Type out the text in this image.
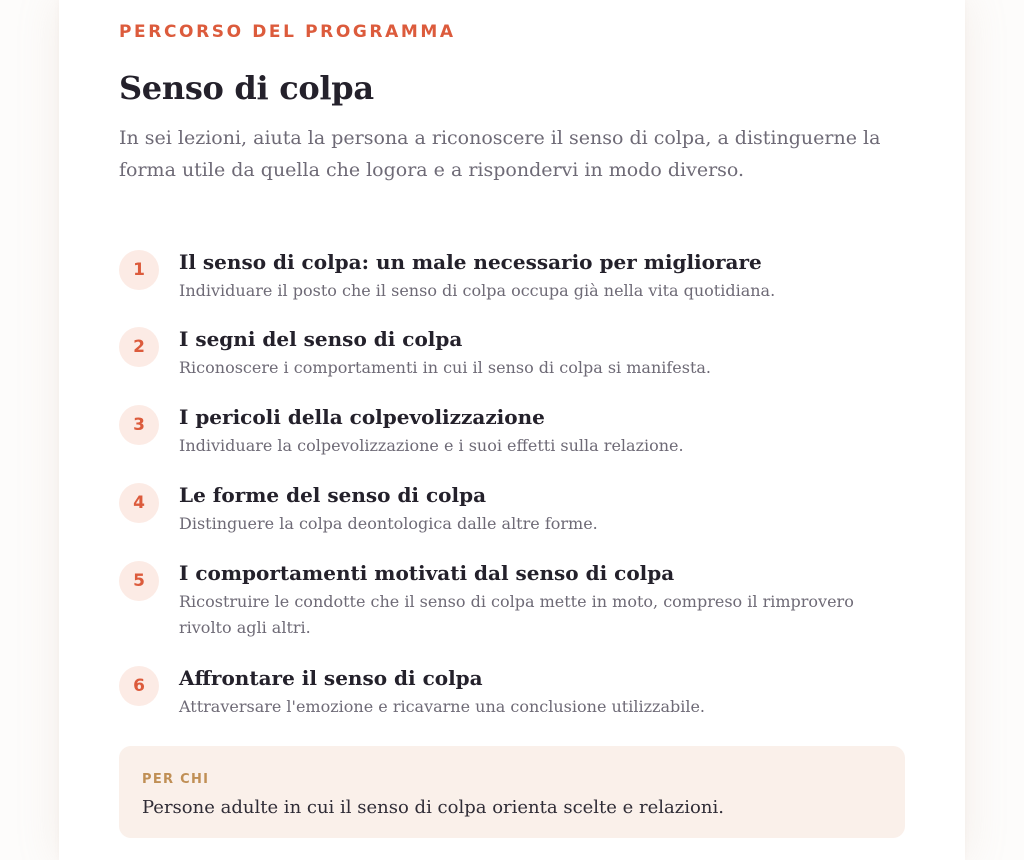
PERCORSO DEL PROGRAMMA
Senso di colpa

In sei lezioni, aiuta la persona a riconoscere il senso di colpa, a distinguerne la forma utile da quella che logora e a rispondervi in modo diverso.

1	Il senso di colpa: un male necessario per migliorare
Individuare il posto che il senso di colpa occupa già nella vita quotidiana.
2	I segni del senso di colpa
Riconoscere i comportamenti in cui il senso di colpa si manifesta.
3	I pericoli della colpevolizzazione
Individuare la colpevolizzazione e i suoi effetti sulla relazione.
4	Le forme del senso di colpa
Distinguere la colpa deontologica dalle altre forme.
5	I comportamenti motivati dal senso di colpa
Ricostruire le condotte che il senso di colpa mette in moto, compreso il rimprovero rivolto agli altri.
6	Affrontare il senso di colpa
Attraversare l'emozione e ricavarne una conclusione utilizzabile.
PER CHI
Persone adulte in cui il senso di colpa orienta scelte e relazioni.
